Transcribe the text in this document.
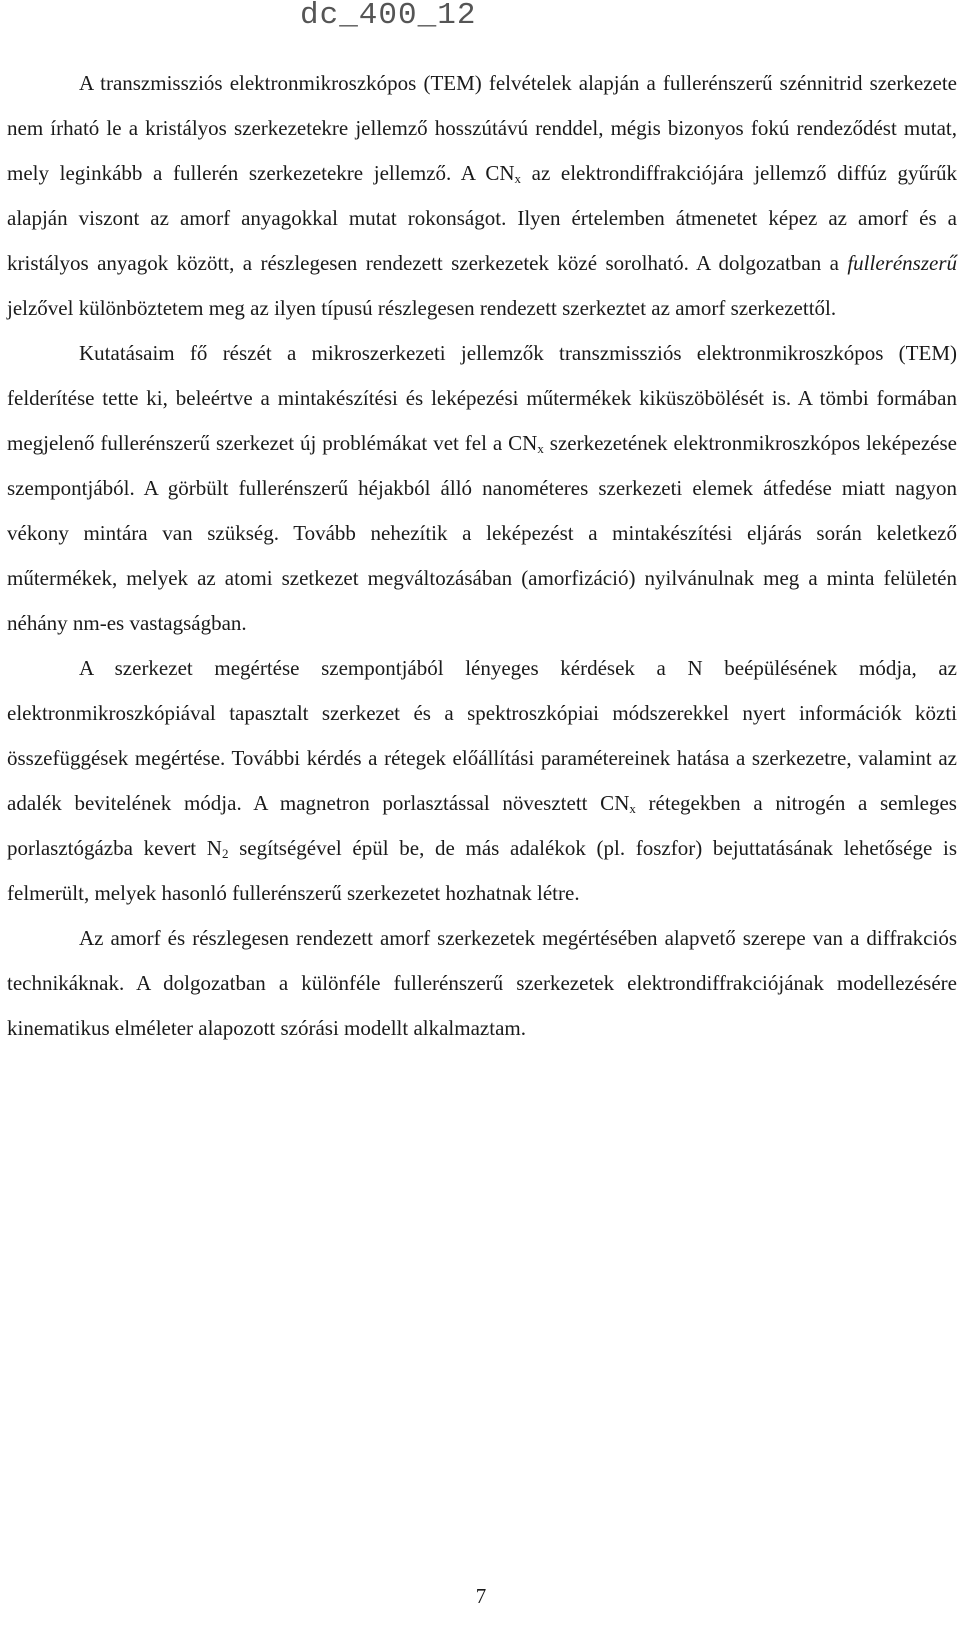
dc_400_12

A transzmissziós elektronmikroszkópos (TEM) felvételek alapján a fullerénszerű szénnitrid szerkezete nem írható le a kristályos szerkezetekre jellemző hosszútávú renddel, mégis bizonyos fokú rendeződést mutat, mely leginkább a fullerén szerkezetekre jellemző. A $CN_x$ az elektrondiffrakciójára jellemző diffúz gyűrűk alapján viszont az amorf anyagokkal mutat rokonságot. Ilyen értelemben átmenetet képez az amorf és a kristályos anyagok között, a részlegesen rendezett szerkezetek közé sorolható. A dolgozatban a fullerénszerű jelzővel különböztetem meg az ilyen típusú részlegesen rendezett szerkeztet az amorf szerkezettől.

Kutatásaim fő részét a mikroszerkezeti jellemzők transzmissziós elektronmikroszkópos (TEM) felderítése tette ki, beleértve a mintakészítési és leképezési műtermékek kiküszöbölését is. A tömbi formában megjelenő fullerénszerű szerkezet új problémákat vet fel a $CN_x$ szerkezetének elektronmikroszkópos leképezése szempontjából. A görbült fullerénszerű héjakból álló nanométeres szerkezeti elemek átfedése miatt nagyon vékony mintára van szükség. Tovább nehezítik a leképezést a mintakészítési eljárás során keletkező műtermékek, melyek az atomi szetkezet megváltozásában (amorfizáció) nyilvánulnak meg a minta felületén néhány nm-es vastagságban.

A szerkezet megértése szempontjából lényeges kérdések a N beépülésének módja, az elektronmikroszkópiával tapasztalt szerkezet és a spektroszkópiai módszerekkel nyert információk közti összefüggések megértése. További kérdés a rétegek előállítási paramétereinek hatása a szerkezetre, valamint az adalék bevitelének módja. A magnetron porlasztással növesztett $CN_x$ rétegekben a nitrogén a semleges porlasztógázba kevert $N_2$ segítségével épül be, de más adalékok (pl. foszfor) bejuttatásának lehetősége is felmerült, melyek hasonló fullerénszerű szerkezetet hozhatnak létre.

Az amorf és részlegesen rendezett amorf szerkezetek megértésében alapvető szerepe van a diffrakciós technikáknak. A dolgozatban a különféle fullerénszerű szerkezetek elektrondiffrakciójának modellezésére kinematikus elméleter alapozott szórási modellt alkalmaztam.

7
